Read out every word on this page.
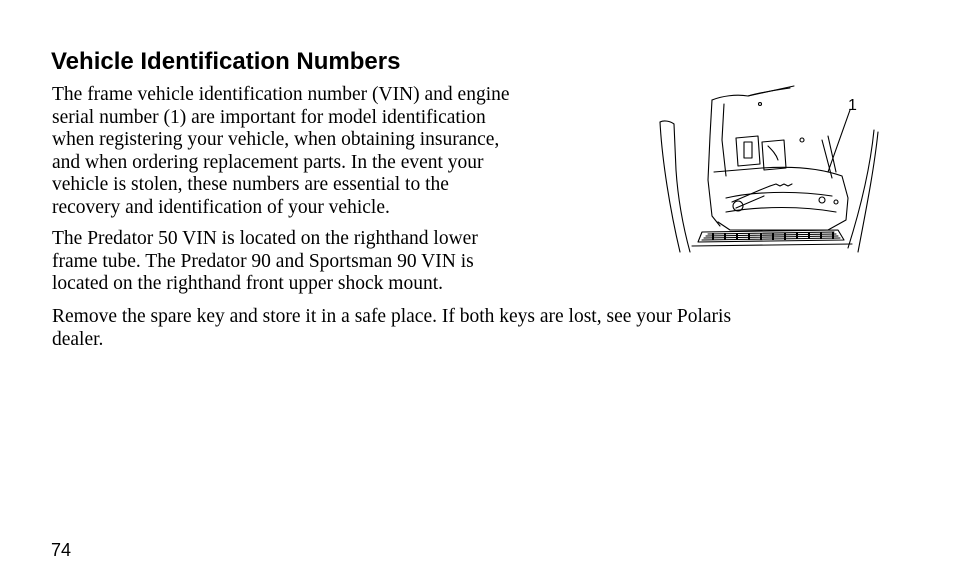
Vehicle Identification Numbers

The frame vehicle identification number (VIN) and engine
serial number (1) are important for model identification
when registering your vehicle, when obtaining insurance,
and when ordering replacement parts. In the event your
vehicle is stolen, these numbers are essential to the
recovery and identification of your vehicle.

The Predator 50 VIN is located on the righthand lower
frame tube. The Predator 90 and Sportsman 90 VIN is
located on the righthand front upper shock mount.

Remove the spare key and store it in a safe place. If both keys are lost, see your Polaris
dealer.

1

74
